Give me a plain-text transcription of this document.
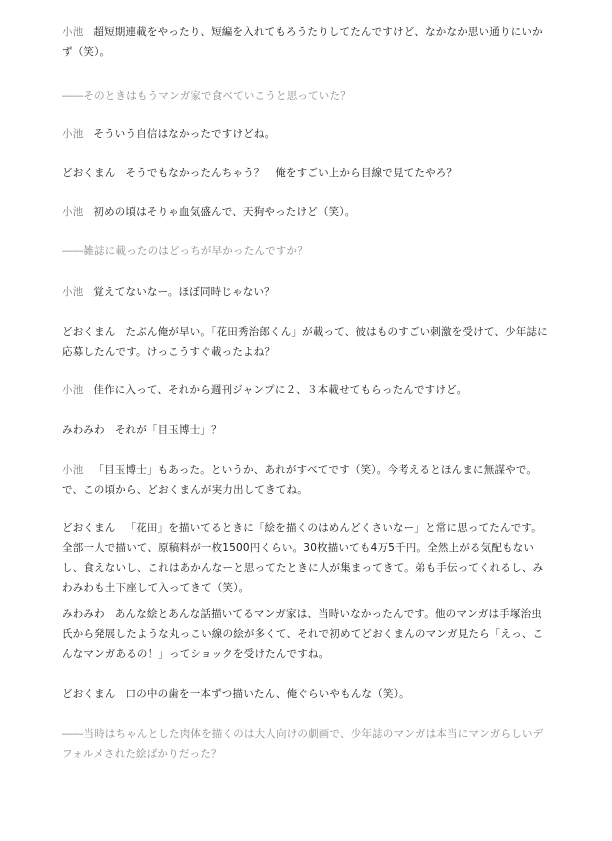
小池 超短期連載をやったり、短編を入れてもろうたりしてたんですけど、なかなか思い通りにいかず（笑）。
――そのときはもうマンガ家で食べていこうと思っていた？
小池 そういう自信はなかったですけどね。
どおくまん そうでもなかったんちゃう？　俺をすごい上から目線で見てたやろ？
小池 初めの頃はそりゃ血気盛んで、天狗やったけど（笑）。
――雑誌に載ったのはどっちが早かったんですか？
小池 覚えてないなー。ほぼ同時じゃない？
どおくまん たぶん俺が早い。「花田秀治郎くん」が載って、彼はものすごい刺激を受けて、少年誌に応募したんです。けっこうすぐ載ったよね？
小池 佳作に入って、それから週刊ジャンプに２、３本載せてもらったんですけど。
みわみわ それが「目玉博士」？
小池 「目玉博士」もあった。というか、あれがすべてです（笑）。今考えるとほんまに無謀やで。で、この頃から、どおくまんが実力出してきてね。
どおくまん 「花田」を描いてるときに「絵を描くのはめんどくさいなー」と常に思ってたんです。全部一人で描いて、原稿料が一枚1500円くらい。30枚描いても4万5千円。全然上がる気配もないし、食えないし、これはあかんなーと思ってたときに人が集まってきて。弟も手伝ってくれるし、みわみわも土下座して入ってきて（笑）。
みわみわ あんな絵とあんな話描いてるマンガ家は、当時いなかったんです。他のマンガは手塚治虫氏から発展したような丸っこい線の絵が多くて、それで初めてどおくまんのマンガ見たら「えっ、こんなマンガあるの！」ってショックを受けたんですね。
どおくまん 口の中の歯を一本ずつ描いたん、俺ぐらいやもんな（笑）。
――当時はちゃんとした肉体を描くのは大人向けの劇画で、少年誌のマンガは本当にマンガらしいデフォルメされた絵ばかりだった？
